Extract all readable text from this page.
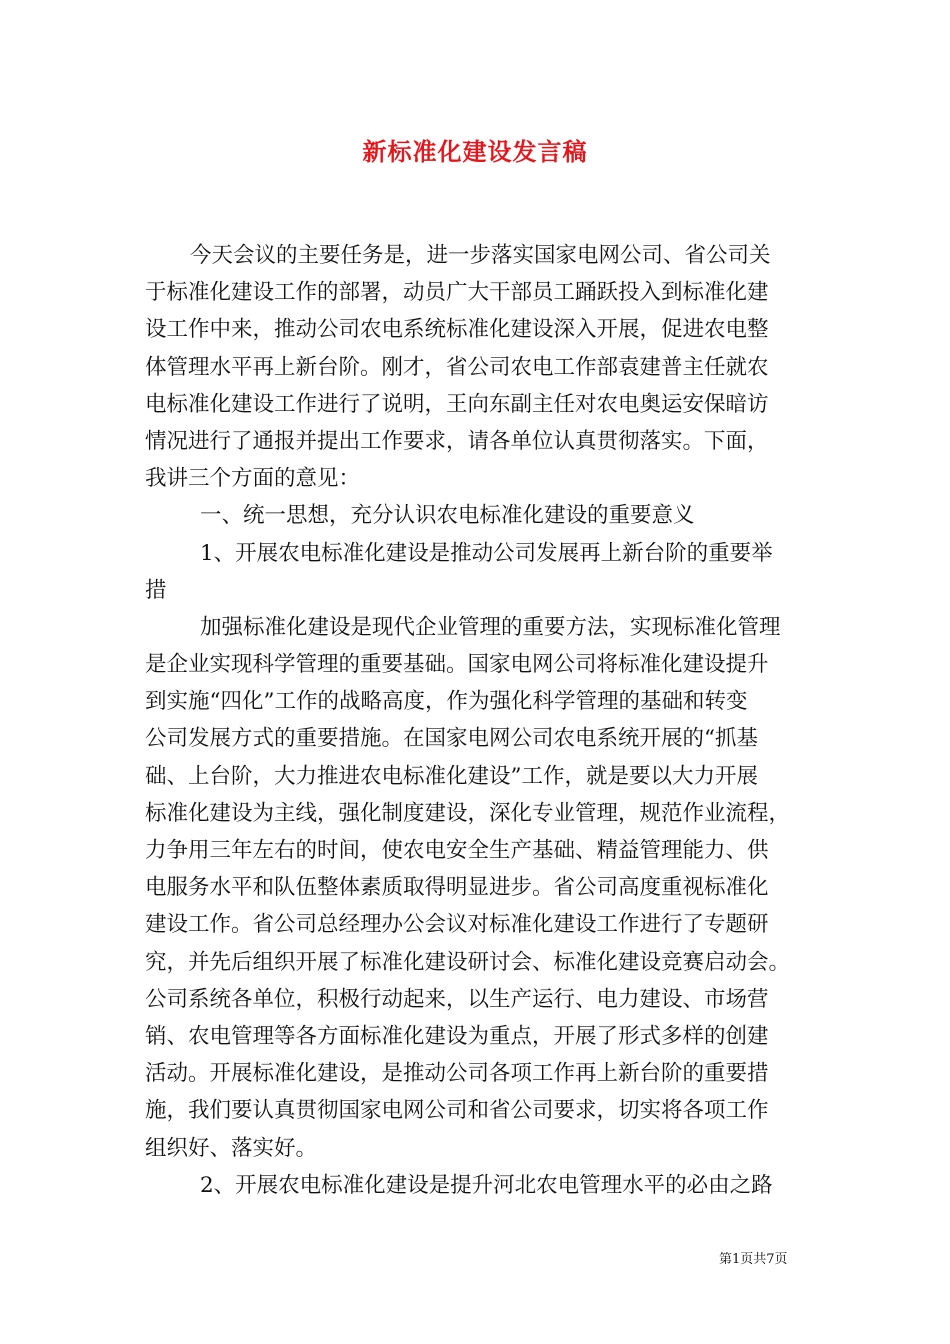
新标准化建设发言稿
今天会议的主要任务是，进一步落实国家电网公司、省公司关
于标准化建设工作的部署，动员广大干部员工踊跃投入到标准化建
设工作中来，推动公司农电系统标准化建设深入开展，促进农电整
体管理水平再上新台阶。刚才，省公司农电工作部袁建普主任就农
电标准化建设工作进行了说明，王向东副主任对农电奥运安保暗访
情况进行了通报并提出工作要求，请各单位认真贯彻落实。下面，
我讲三个方面的意见：
一、统一思想，充分认识农电标准化建设的重要意义
1、开展农电标准化建设是推动公司发展再上新台阶的重要举
措
加强标准化建设是现代企业管理的重要方法，实现标准化管理
是企业实现科学管理的重要基础。国家电网公司将标准化建设提升
到实施“四化”工作的战略高度，作为强化科学管理的基础和转变
公司发展方式的重要措施。在国家电网公司农电系统开展的“抓基
础、上台阶，大力推进农电标准化建设”工作，就是要以大力开展
标准化建设为主线，强化制度建设，深化专业管理，规范作业流程，
力争用三年左右的时间，使农电安全生产基础、精益管理能力、供
电服务水平和队伍整体素质取得明显进步。省公司高度重视标准化
建设工作。省公司总经理办公会议对标准化建设工作进行了专题研
究，并先后组织开展了标准化建设研讨会、标准化建设竞赛启动会。
公司系统各单位，积极行动起来，以生产运行、电力建设、市场营
销、农电管理等各方面标准化建设为重点，开展了形式多样的创建
活动。开展标准化建设，是推动公司各项工作再上新台阶的重要措
施，我们要认真贯彻国家电网公司和省公司要求，切实将各项工作
组织好、落实好。
2、开展农电标准化建设是提升河北农电管理水平的必由之路
第1页共7页
